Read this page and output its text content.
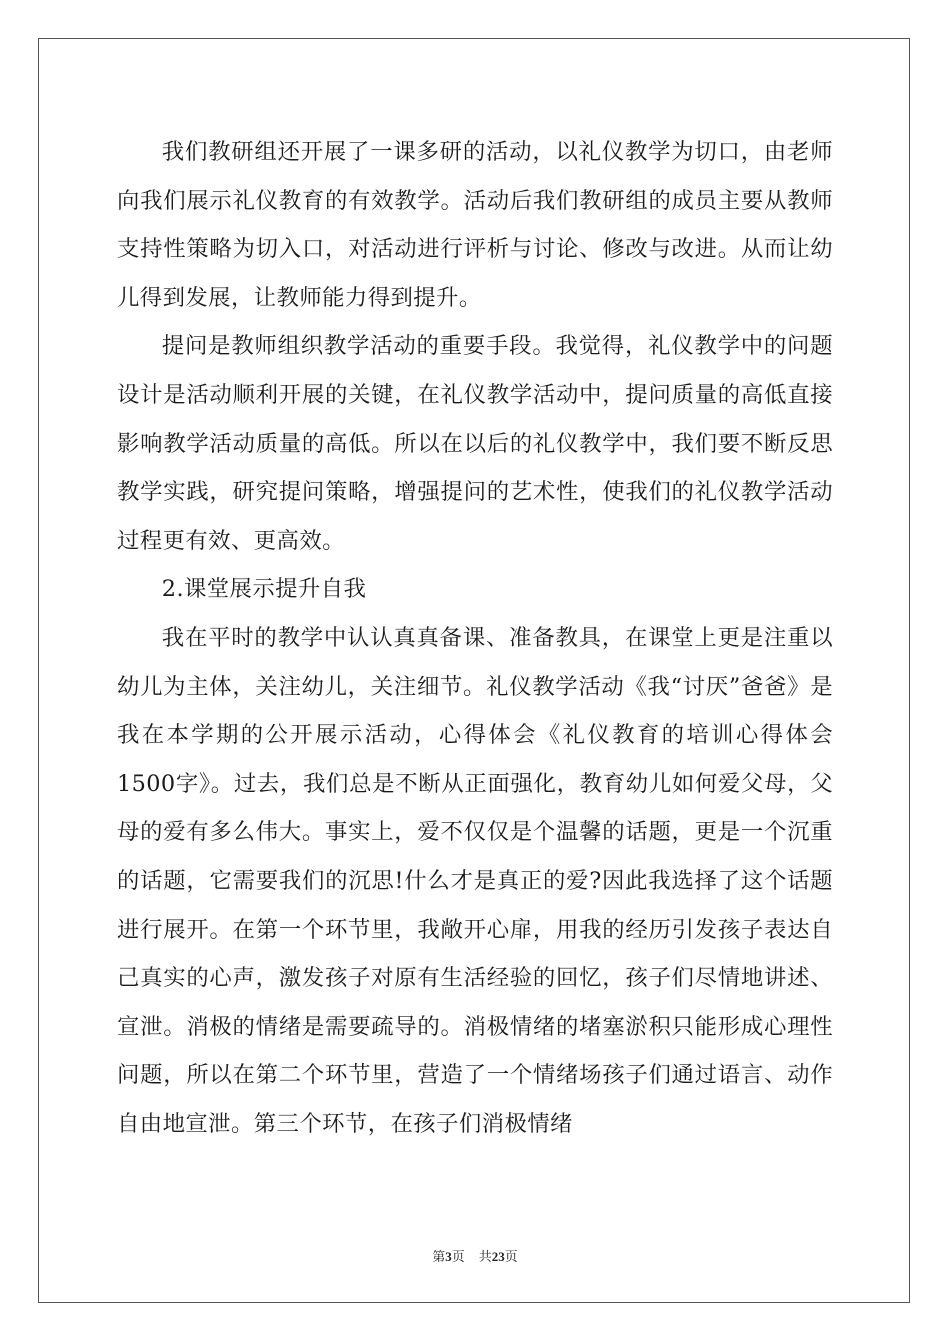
我们教研组还开展了一课多研的活动，以礼仪教学为切口，由老师向我们展示礼仪教育的有效教学。活动后我们教研组的成员主要从教师支持性策略为切入口，对活动进行评析与讨论、修改与改进。从而让幼儿得到发展，让教师能力得到提升。

提问是教师组织教学活动的重要手段。我觉得，礼仪教学中的问题设计是活动顺利开展的关键，在礼仪教学活动中，提问质量的高低直接影响教学活动质量的高低。所以在以后的礼仪教学中，我们要不断反思教学实践，研究提问策略，增强提问的艺术性，使我们的礼仪教学活动过程更有效、更高效。

2.课堂展示提升自我

我在平时的教学中认认真真备课、准备教具，在课堂上更是注重以幼儿为主体，关注幼儿，关注细节。礼仪教学活动《我“讨厌”爸爸》是我在本学期的公开展示活动，心得体会《礼仪教育的培训心得体会1500字》。过去，我们总是不断从正面强化，教育幼儿如何爱父母，父母的爱有多么伟大。事实上，爱不仅仅是个温馨的话题，更是一个沉重的话题，它需要我们的沉思!什么才是真正的爱?因此我选择了这个话题进行展开。在第一个环节里，我敞开心扉，用我的经历引发孩子表达自己真实的心声，激发孩子对原有生活经验的回忆，孩子们尽情地讲述、宣泄。消极的情绪是需要疏导的。消极情绪的堵塞淤积只能形成心理性问题，所以在第二个环节里，营造了一个情绪场孩子们通过语言、动作自由地宣泄。第三个环节，在孩子们消极情绪

第3页 共23页
